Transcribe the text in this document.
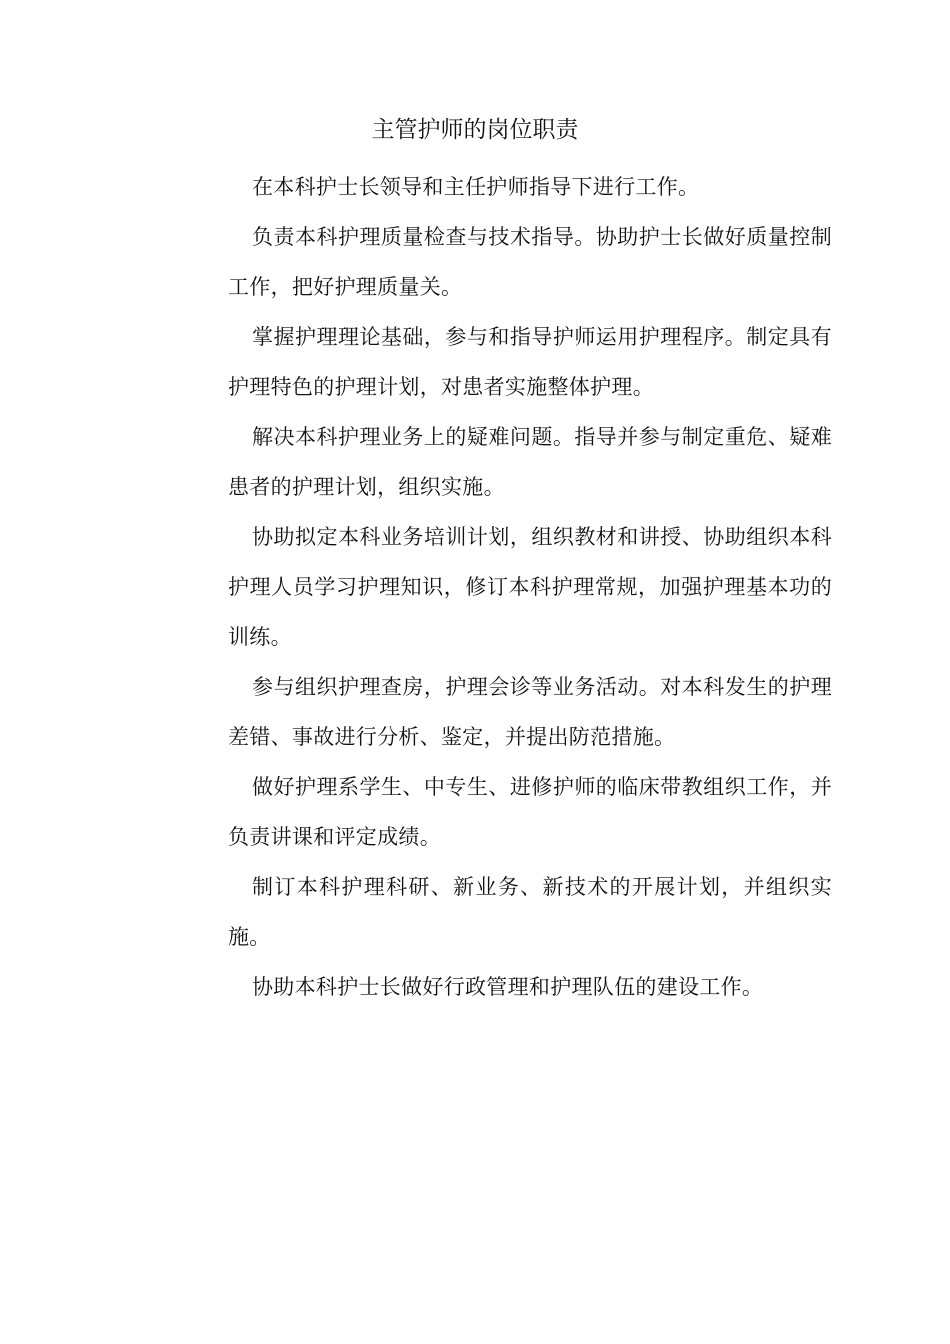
主管护师的岗位职责

在本科护士长领导和主任护师指导下进行工作。

负责本科护理质量检查与技术指导。协助护士长做好质量控制工作，把好护理质量关。

掌握护理理论基础，参与和指导护师运用护理程序。制定具有护理特色的护理计划，对患者实施整体护理。

解决本科护理业务上的疑难问题。指导并参与制定重危、疑难患者的护理计划，组织实施。

协助拟定本科业务培训计划，组织教材和讲授、协助组织本科护理人员学习护理知识，修订本科护理常规，加强护理基本功的训练。

参与组织护理查房，护理会诊等业务活动。对本科发生的护理差错、事故进行分析、鉴定，并提出防范措施。

做好护理系学生、中专生、进修护师的临床带教组织工作，并负责讲课和评定成绩。

制订本科护理科研、新业务、新技术的开展计划，并组织实施。

协助本科护士长做好行政管理和护理队伍的建设工作。
